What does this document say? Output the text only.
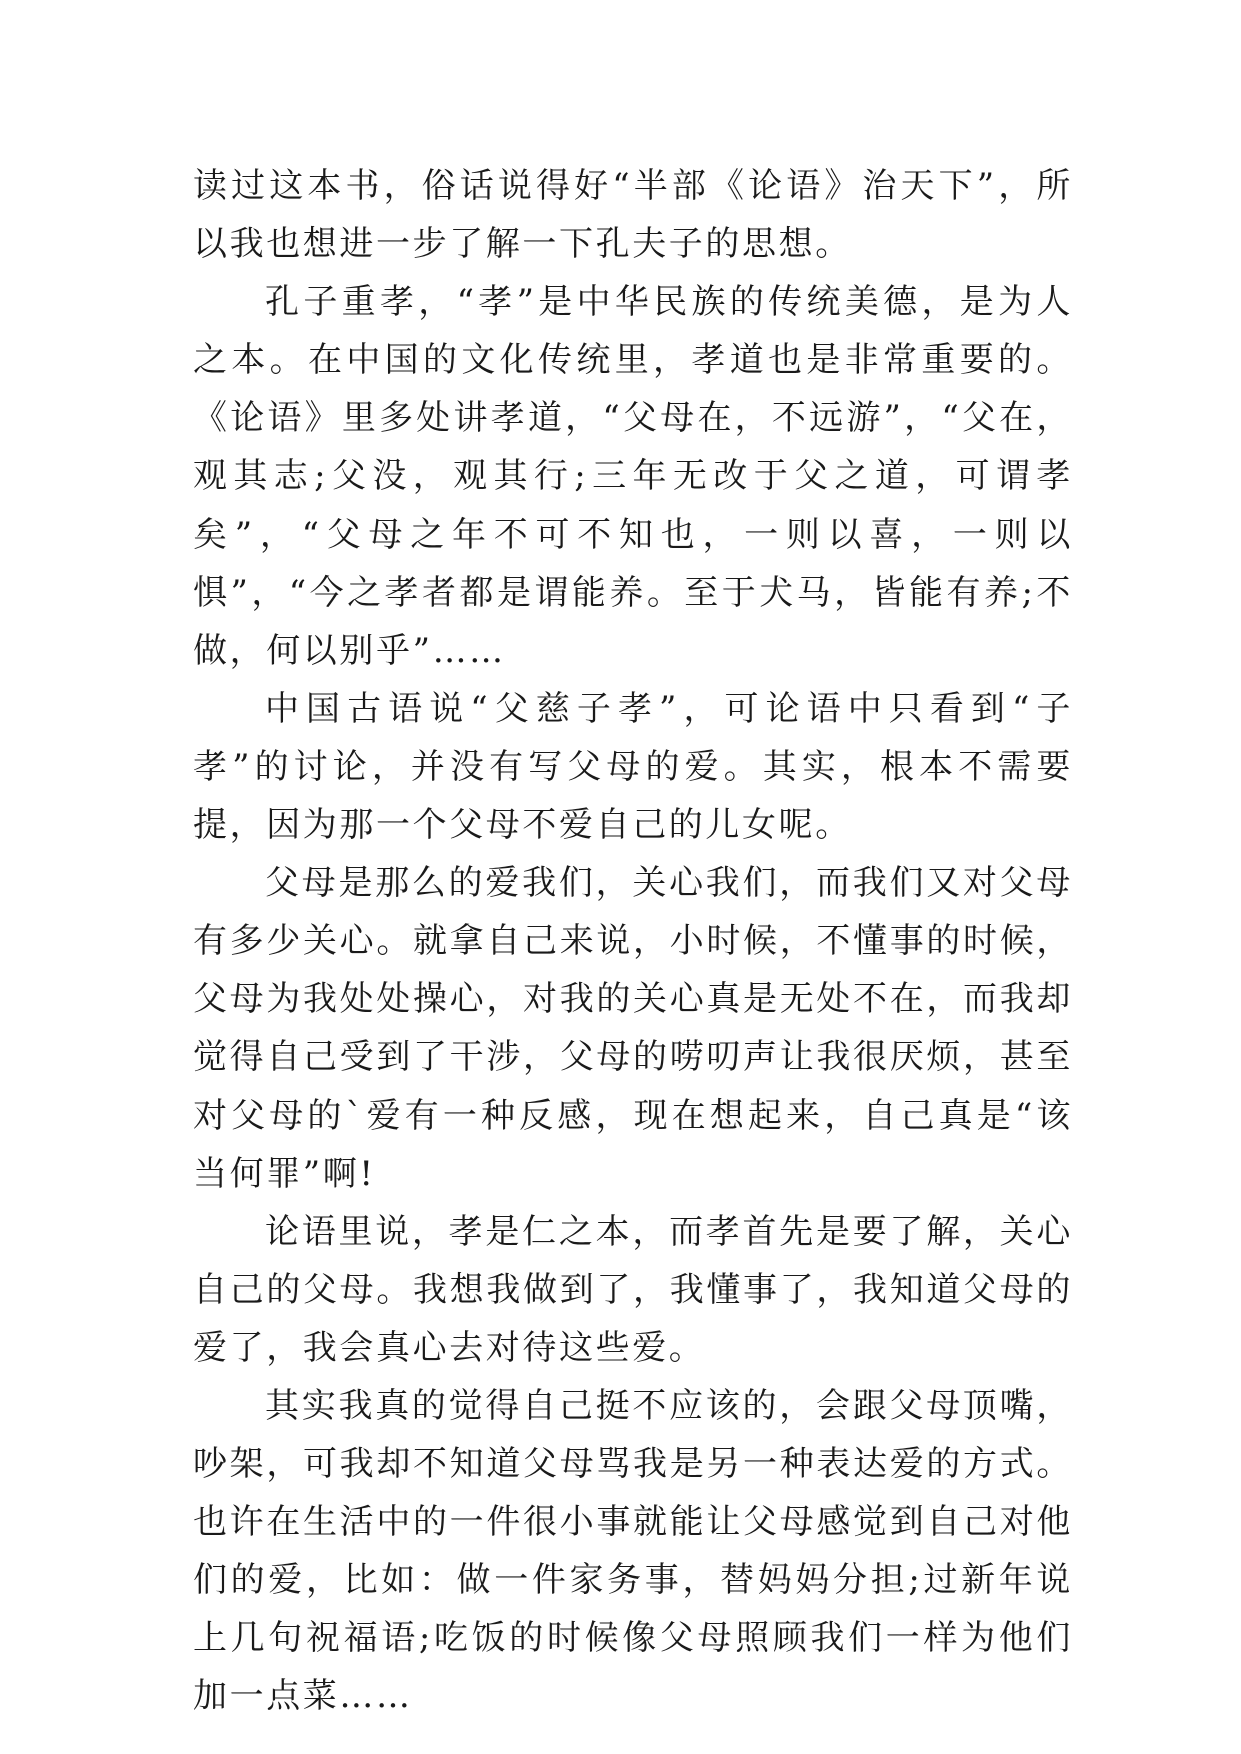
读过这本书，俗话说得好“半部《论语》治天下”，所以我也想进一步了解一下孔夫子的思想。

孔子重孝，“孝”是中华民族的传统美德，是为人之本。在中国的文化传统里，孝道也是非常重要的。《论语》里多处讲孝道，“父母在，不远游”，“父在，观其志;父没，观其行;三年无改于父之道，可谓孝矣”，“父母之年不可不知也，一则以喜，一则以惧”，“今之孝者都是谓能养。至于犬马，皆能有养;不做，何以别乎”……

中国古语说“父慈子孝”，可论语中只看到“子孝”的讨论，并没有写父母的爱。其实，根本不需要提，因为那一个父母不爱自己的儿女呢。

父母是那么的爱我们，关心我们，而我们又对父母有多少关心。就拿自己来说，小时候，不懂事的时候，父母为我处处操心，对我的关心真是无处不在，而我却觉得自己受到了干涉，父母的唠叨声让我很厌烦，甚至对父母的`爱有一种反感，现在想起来，自己真是“该当何罪”啊!

论语里说，孝是仁之本，而孝首先是要了解，关心自己的父母。我想我做到了，我懂事了，我知道父母的爱了，我会真心去对待这些爱。

其实我真的觉得自己挺不应该的，会跟父母顶嘴，吵架，可我却不知道父母骂我是另一种表达爱的方式。也许在生活中的一件很小事就能让父母感觉到自己对他们的爱，比如：做一件家务事，替妈妈分担;过新年说上几句祝福语;吃饭的时候像父母照顾我们一样为他们加一点菜……
